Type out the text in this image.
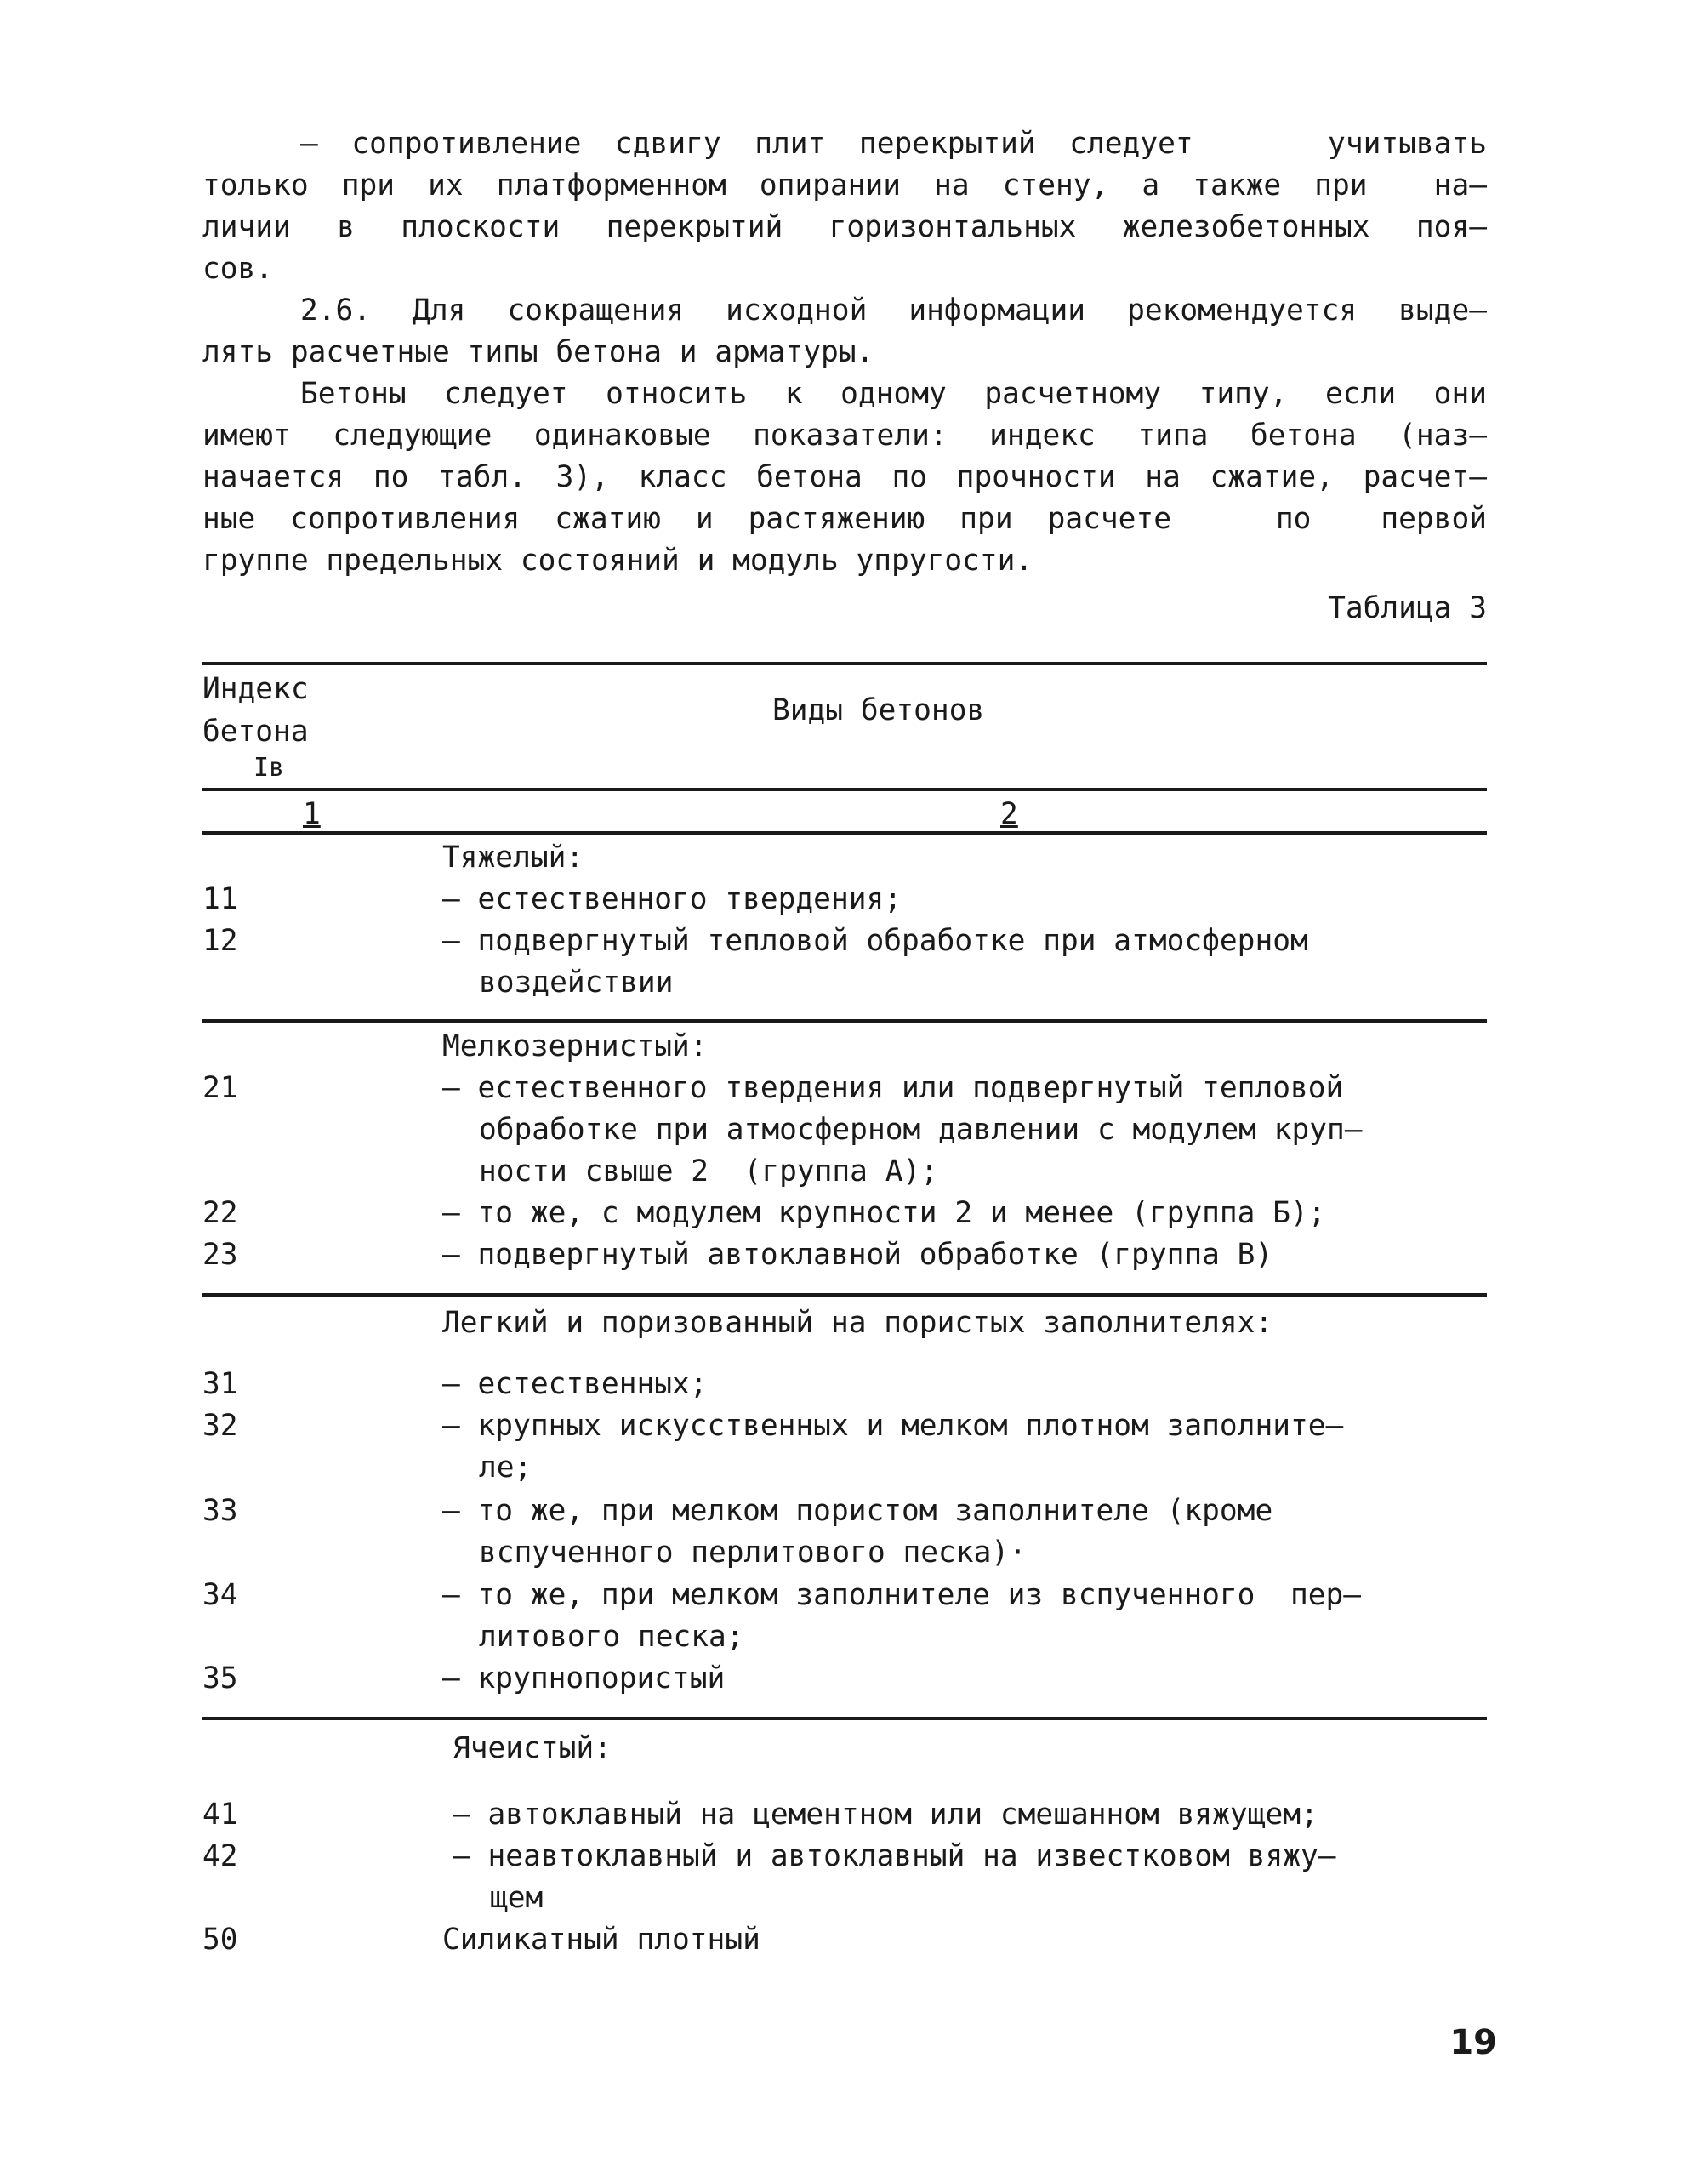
– сопротивление сдвигу плит перекрытий следует    учитывать
только при их платформенном опирании на стену, а также при  на–
личии в плоскости перекрытий горизонтальных железобетонных поя–
сов.
2.6. Для сокращения исходной информации рекомендуется выде–
лять расчетные типы бетона и арматуры.
Бетоны следует относить к одному расчетному типу, если они
имеют следующие одинаковые показатели: индекс типа бетона (наз–
начается по табл. 3), класс бетона по прочности на сжатие, расчет–
ные сопротивления сжатию и растяжению при расчете   по  первой
группе предельных состояний и модуль упругости.
Таблица 3
Индекс
бетона
Iв
Виды бетонов
1	2
Тяжелый:
11	– естественного твердения;
12	– подвергнутый тепловой обработке при атмосферном
воздействии
Мелкозернистый:
21	– естественного твердения или подвергнутый тепловой
обработке при атмосферном давлении с модулем круп–
ности свыше 2  (группа А);
22	– то же, с модулем крупности 2 и менее (группа Б);
23	– подвергнутый автоклавной обработке (группа В)
Легкий и поризованный на пористых заполнителях:
31	– естественных;
32	– крупных искусственных и мелком плотном заполните–
ле;
33	– то же, при мелком пористом заполнителе (кроме
вспученного перлитового песка)·
34	– то же, при мелком заполнителе из вспученного  пер–
литового песка;
35	– крупнопористый
Ячеистый:
41	– автоклавный на цементном или смешанном вяжущем;
42	– неавтоклавный и автоклавный на известковом вяжу–
щем
50	Силикатный плотный
19
